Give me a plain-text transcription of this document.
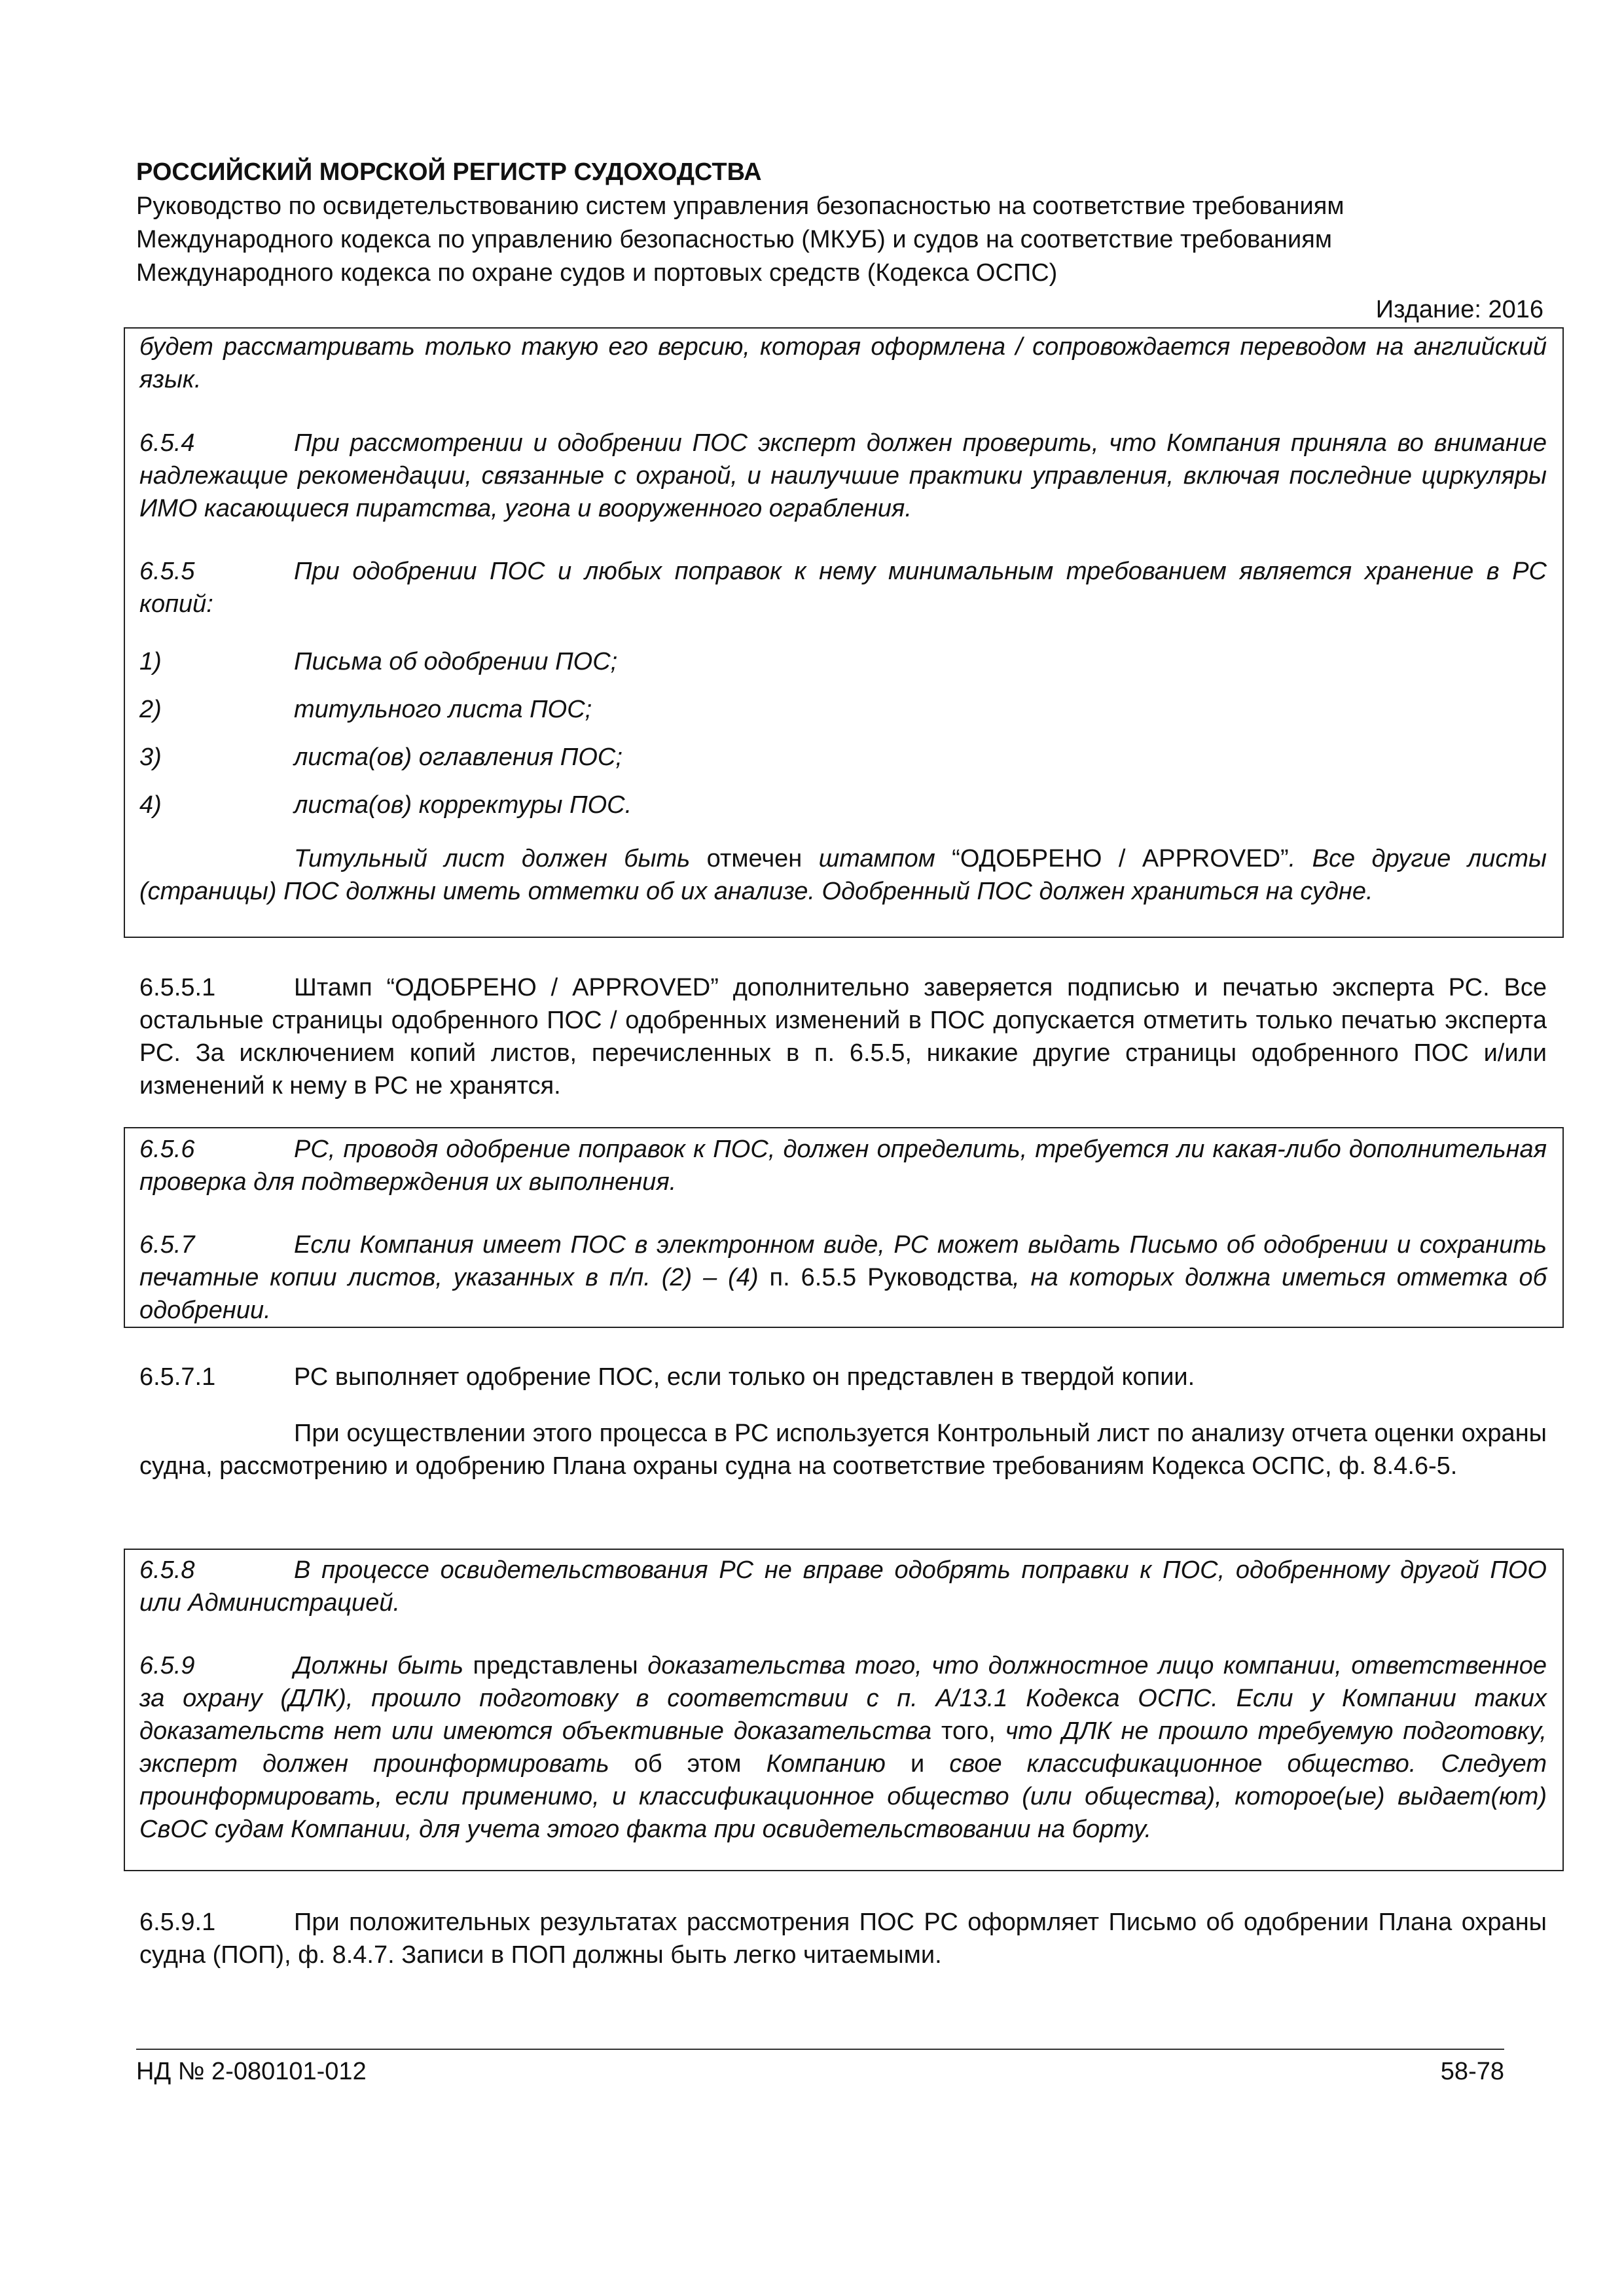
РОССИЙСКИЙ МОРСКОЙ РЕГИСТР СУДОХОДСТВА
Руководство по освидетельствованию систем управления безопасностью на соответствие требованиям
Международного кодекса по управлению безопасностью (МКУБ) и судов на соответствие требованиям
Международного кодекса по охране судов и портовых средств (Кодекса ОСПС)
Издание: 2016
будет рассматривать только такую его версию, которая оформлена / сопровождается переводом на английский язык.
6.5.4	При рассмотрении и одобрении ПОС эксперт должен проверить, что Компания приняла во внимание надлежащие рекомендации, связанные с охраной, и наилучшие практики управления, включая последние циркуляры ИМО касающиеся пиратства, угона и вооруженного ограбления.
6.5.5	При одобрении ПОС и любых поправок к нему минимальным требованием является хранение в РС копий:
1)	Письма об одобрении ПОС;
2)	титульного листа ПОС;
3)	листа(ов) оглавления ПОС;
4)	листа(ов) корректуры ПОС.
Титульный лист должен быть отмечен штампом “ОДОБРЕНО / APPROVED”. Все другие листы (страницы) ПОС должны иметь отметки об их анализе. Одобренный ПОС должен храниться на судне.
6.5.5.1	Штамп “ОДОБРЕНО / APPROVED” дополнительно заверяется подписью и печатью эксперта РС. Все остальные страницы одобренного ПОС / одобренных изменений в ПОС допускается отметить только печатью эксперта РС. За исключением копий листов, перечисленных в п. 6.5.5, никакие другие страницы одобренного ПОС и/или изменений к нему в РС не хранятся.
6.5.6	РС, проводя одобрение поправок к ПОС, должен определить, требуется ли какая-либо дополнительная проверка для подтверждения их выполнения.
6.5.7	Если Компания имеет ПОС в электронном виде, РС может выдать Письмо об одобрении и сохранить печатные копии листов, указанных в п/п. (2) – (4) п. 6.5.5 Руководства, на которых должна иметься отметка об одобрении.
6.5.7.1	РС выполняет одобрение ПОС, если только он представлен в твердой копии.
При осуществлении этого процесса в РС используется Контрольный лист по анализу отчета оценки охраны судна, рассмотрению и одобрению Плана охраны судна на соответствие требованиям Кодекса ОСПС, ф. 8.4.6-5.
6.5.8	В процессе освидетельствования РС не вправе одобрять поправки к ПОС, одобренному другой ПОО или Администрацией.
6.5.9	Должны быть представлены доказательства того, что должностное лицо компании, ответственное за охрану (ДЛК), прошло подготовку в соответствии с п. A/13.1 Кодекса ОСПС. Если у Компании таких доказательств нет или имеются объективные доказательства того, что ДЛК не прошло требуемую подготовку, эксперт должен проинформировать об этом Компанию и свое классификационное общество. Следует проинформировать, если применимо, и классификационное общество (или общества), которое(ые) выдает(ют) СвОС судам Компании, для учета этого факта при освидетельствовании на борту.
6.5.9.1	При положительных результатах рассмотрения ПОС РС оформляет Письмо об одобрении Плана охраны судна (ПОП), ф. 8.4.7. Записи в ПОП должны быть легко читаемыми.
НД № 2-080101-012	58-78
